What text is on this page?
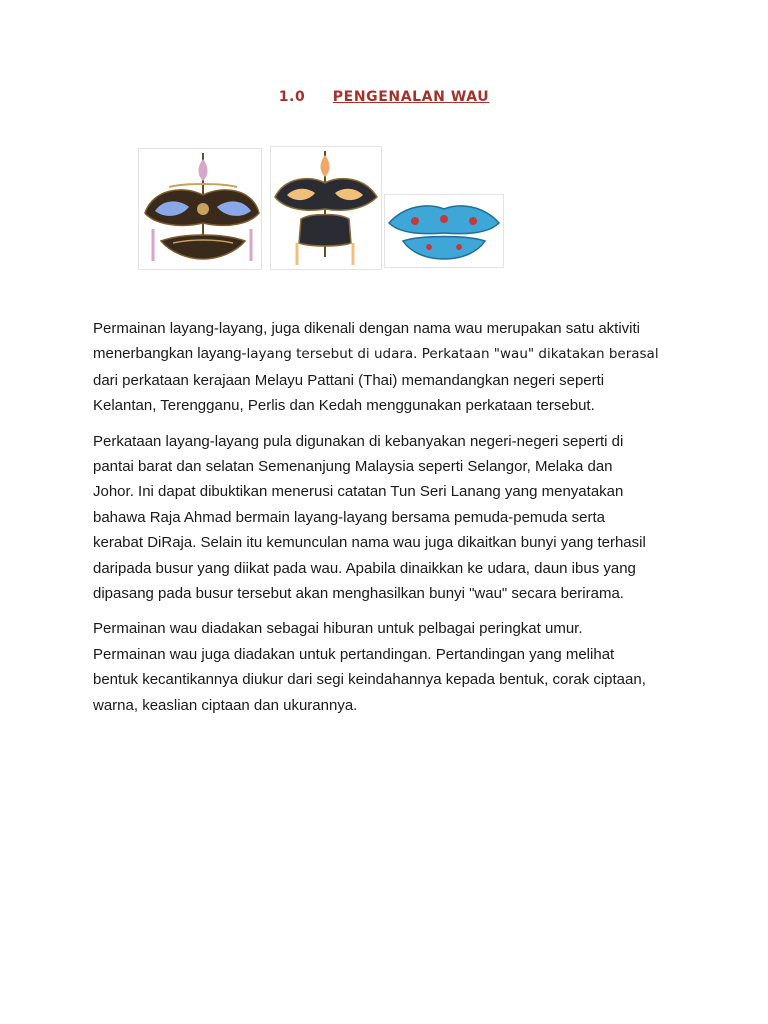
1.0 PENGENALAN WAU

Permainan layang-layang, juga dikenali dengan nama wau merupakan satu aktiviti
menerbangkan layang-layang tersebut di udara. Perkataan "wau" dikatakan berasal
dari perkataan kerajaan Melayu Pattani (Thai) memandangkan negeri seperti
Kelantan, Terengganu, Perlis dan Kedah menggunakan perkataan tersebut.

Perkataan layang-layang pula digunakan di kebanyakan negeri-negeri seperti di
pantai barat dan selatan Semenanjung Malaysia seperti Selangor, Melaka dan
Johor. Ini dapat dibuktikan menerusi catatan Tun Seri Lanang yang menyatakan
bahawa Raja Ahmad bermain layang-layang bersama pemuda-pemuda serta
kerabat DiRaja. Selain itu kemunculan nama wau juga dikaitkan bunyi yang terhasil
daripada busur yang diikat pada wau. Apabila dinaikkan ke udara, daun ibus yang
dipasang pada busur tersebut akan menghasilkan bunyi "wau" secara berirama.

Permainan wau diadakan sebagai hiburan untuk pelbagai peringkat umur.
Permainan wau juga diadakan untuk pertandingan. Pertandingan yang melihat
bentuk kecantikannya diukur dari segi keindahannya kepada bentuk, corak ciptaan,
warna, keaslian ciptaan dan ukurannya.
